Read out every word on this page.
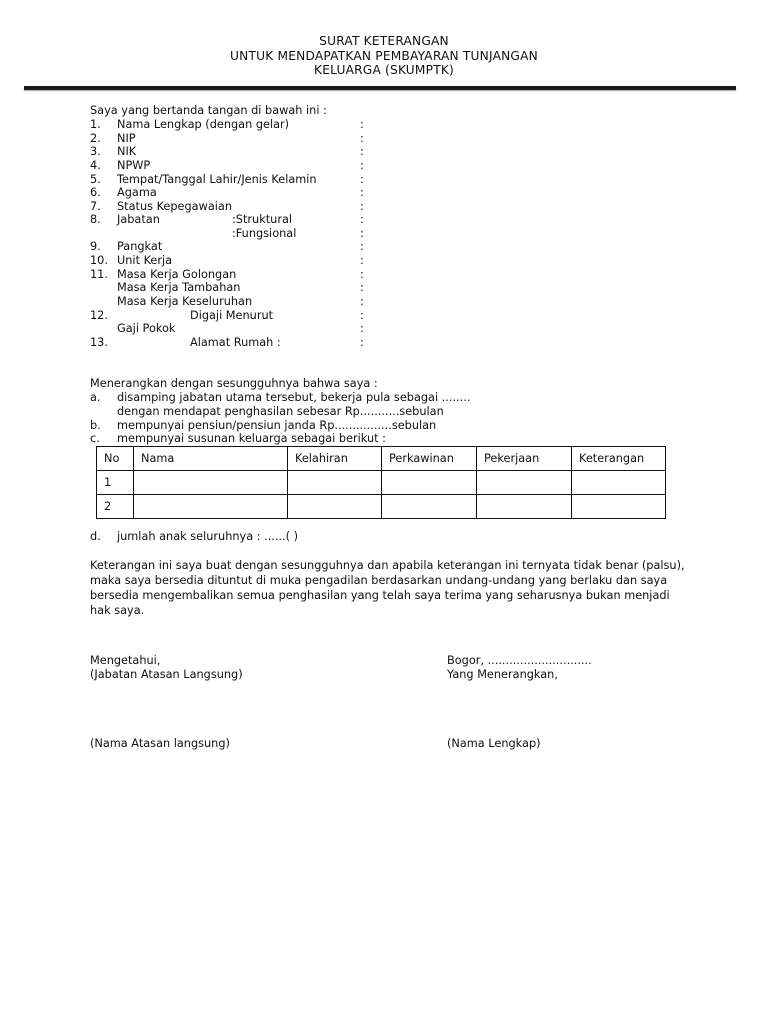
SURAT KETERANGAN
UNTUK MENDAPATKAN PEMBAYARAN TUNJANGAN
KELUARGA (SKUMPTK)
Saya yang bertanda tangan di bawah ini :
1. Nama Lengkap (dengan gelar)	:
2. NIP	:
3. NIK	:
4. NPWP	:
5. Tempat/Tanggal Lahir/Jenis Kelamin	:
6. Agama	:
7. Status Kepegawaian	:
8. Jabatan	:Struktural	:
:Fungsional	:
9. Pangkat	:
10. Unit Kerja	:
11. Masa Kerja Golongan	:
Masa Kerja Tambahan	:
Masa Kerja Keseluruhan	:
12.	Digaji Menurut	:
Gaji Pokok	:
13.	Alamat Rumah :	:
Menerangkan dengan sesungguhnya bahwa saya :
a. disamping jabatan utama tersebut, bekerja pula sebagai ........
dengan mendapat penghasilan sebesar Rp...........sebulan
b. mempunyai pensiun/pensiun janda Rp................sebulan
c. mempunyai susunan keluarga sebagai berikut :
No	Nama	Kelahiran	Perkawinan	Pekerjaan	Keterangan
1					
2					
d. jumlah anak seluruhnya : ......( )
Keterangan ini saya buat dengan sesungguhnya dan apabila keterangan ini ternyata tidak benar (palsu),
maka saya bersedia dituntut di muka pengadilan berdasarkan undang-undang yang berlaku dan saya
bersedia mengembalikan semua penghasilan yang telah saya terima yang seharusnya bukan menjadi
hak saya.
Mengetahui,
(Jabatan Atasan Langsung)
(Nama Atasan langsung)
Bogor, .............................
Yang Menerangkan,
(Nama Lengkap)
